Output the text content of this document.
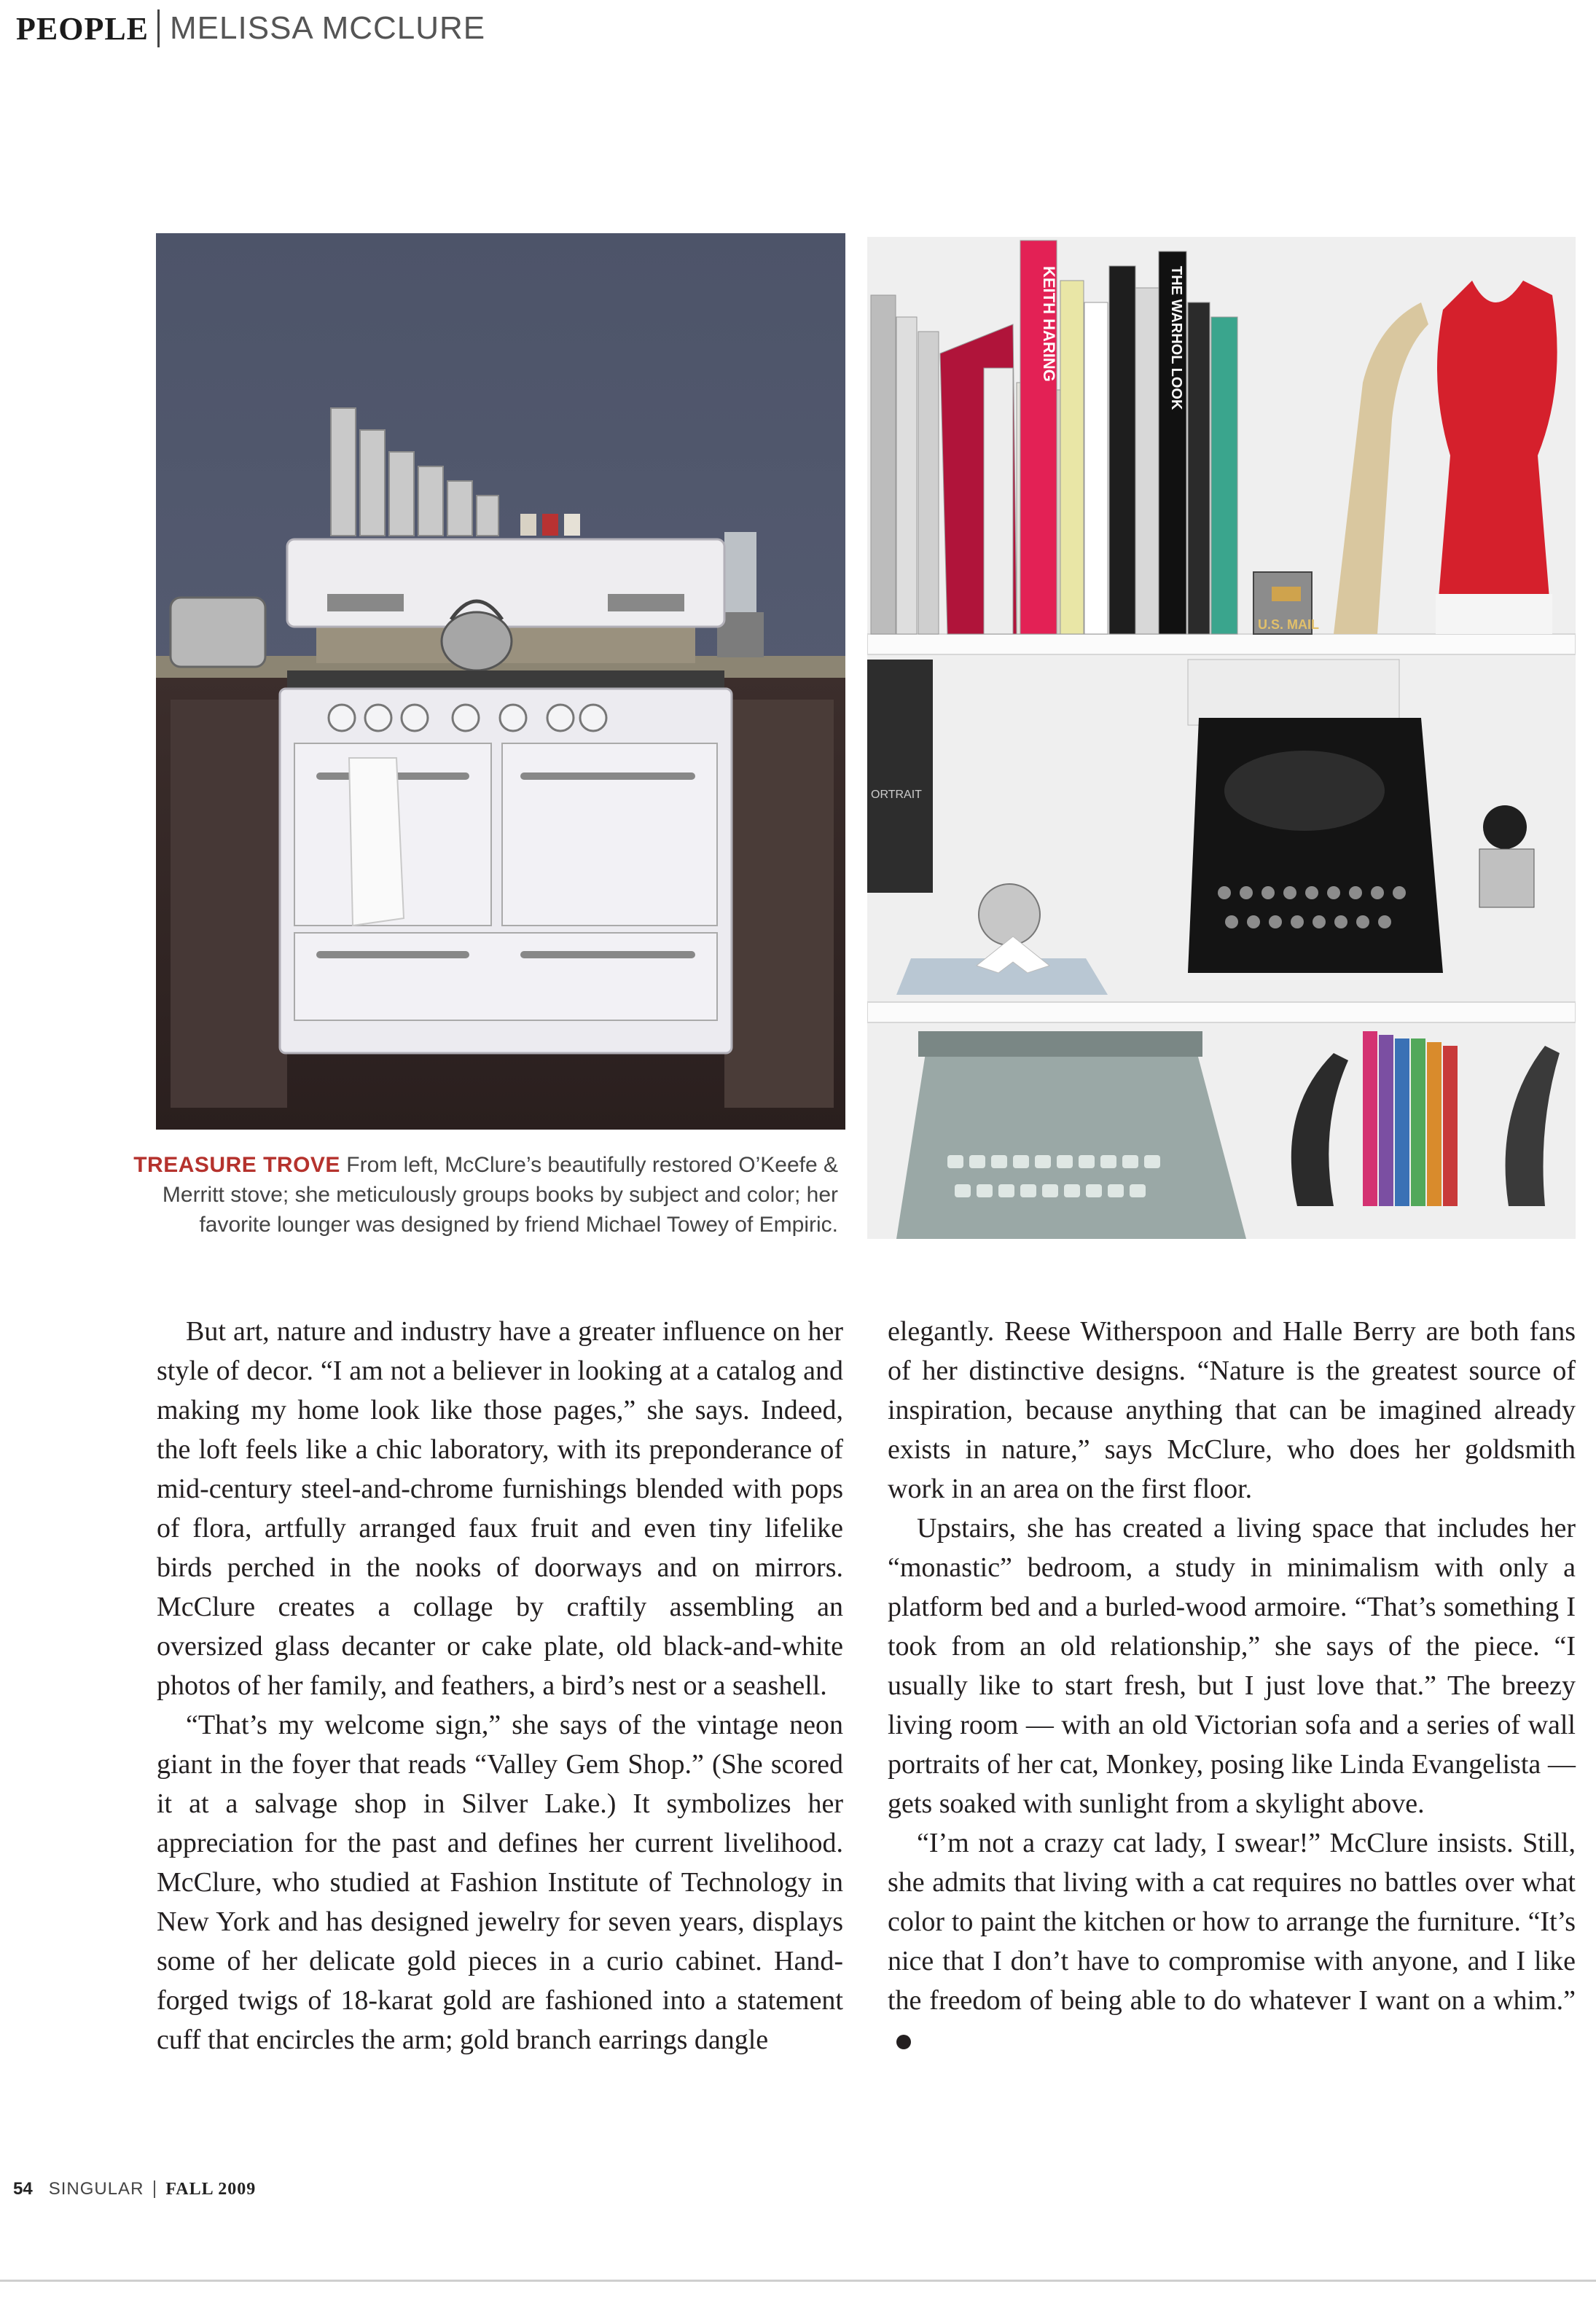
PEOPLE MELISSA MCCLURE
KEITH HARING	THE WARHOL LOOK
U.S. MAIL
ORTRAIT
TREASURE TROVE From left, McClure’s beautifully restored O’Keefe &
Merritt stove; she meticulously groups books by subject and color; her
favorite lounger was designed by friend Michael Towey of Empiric.

But art, nature and industry have a greater influence on her style of decor. “I am not a believer in looking at a catalog and making my home look like those pages,” she says. Indeed, the loft feels like a chic laboratory, with its preponderance of mid-century steel-and-chrome furnishings blended with pops of flora, artfully arranged faux fruit and even tiny lifelike birds perched in the nooks of doorways and on mirrors. McClure creates a collage by craftily assembling an oversized glass decanter or cake plate, old black-and-white photos of her family, and feathers, a bird’s nest or a seashell.

“That’s my welcome sign,” she says of the vintage neon giant in the foyer that reads “Valley Gem Shop.” (She scored it at a salvage shop in Silver Lake.) It symbolizes her appreciation for the past and defines her current livelihood. McClure, who studied at Fashion Institute of Technology in New York and has designed jewelry for seven years, displays some of her delicate gold pieces in a curio cabinet. Hand-forged twigs of 18-karat gold are fashioned into a statement cuff that encircles the arm; gold branch earrings dangle

elegantly. Reese Witherspoon and Halle Berry are both fans of her distinctive designs. “Nature is the greatest source of inspiration, because anything that can be imagined already exists in nature,” says McClure, who does her goldsmith work in an area on the first floor.

Upstairs, she has created a living space that includes her “monastic” bedroom, a study in minimalism with only a platform bed and a burled-wood armoire. “That’s something I took from an old relationship,” she says of the piece. “I usually like to start fresh, but I just love that.” The breezy living room — with an old Victorian sofa and a series of wall portraits of her cat, Monkey, posing like Linda Evangelista — gets soaked with sunlight from a skylight above.

“I’m not a crazy cat lady, I swear!” McClure insists. Still, she admits that living with a cat requires no battles over what color to paint the kitchen or how to arrange the furniture. “It’s nice that I don’t have to compromise with anyone, and I like the freedom of being able to do whatever I want on a whim.”

54 SINGULAR FALL 2009
